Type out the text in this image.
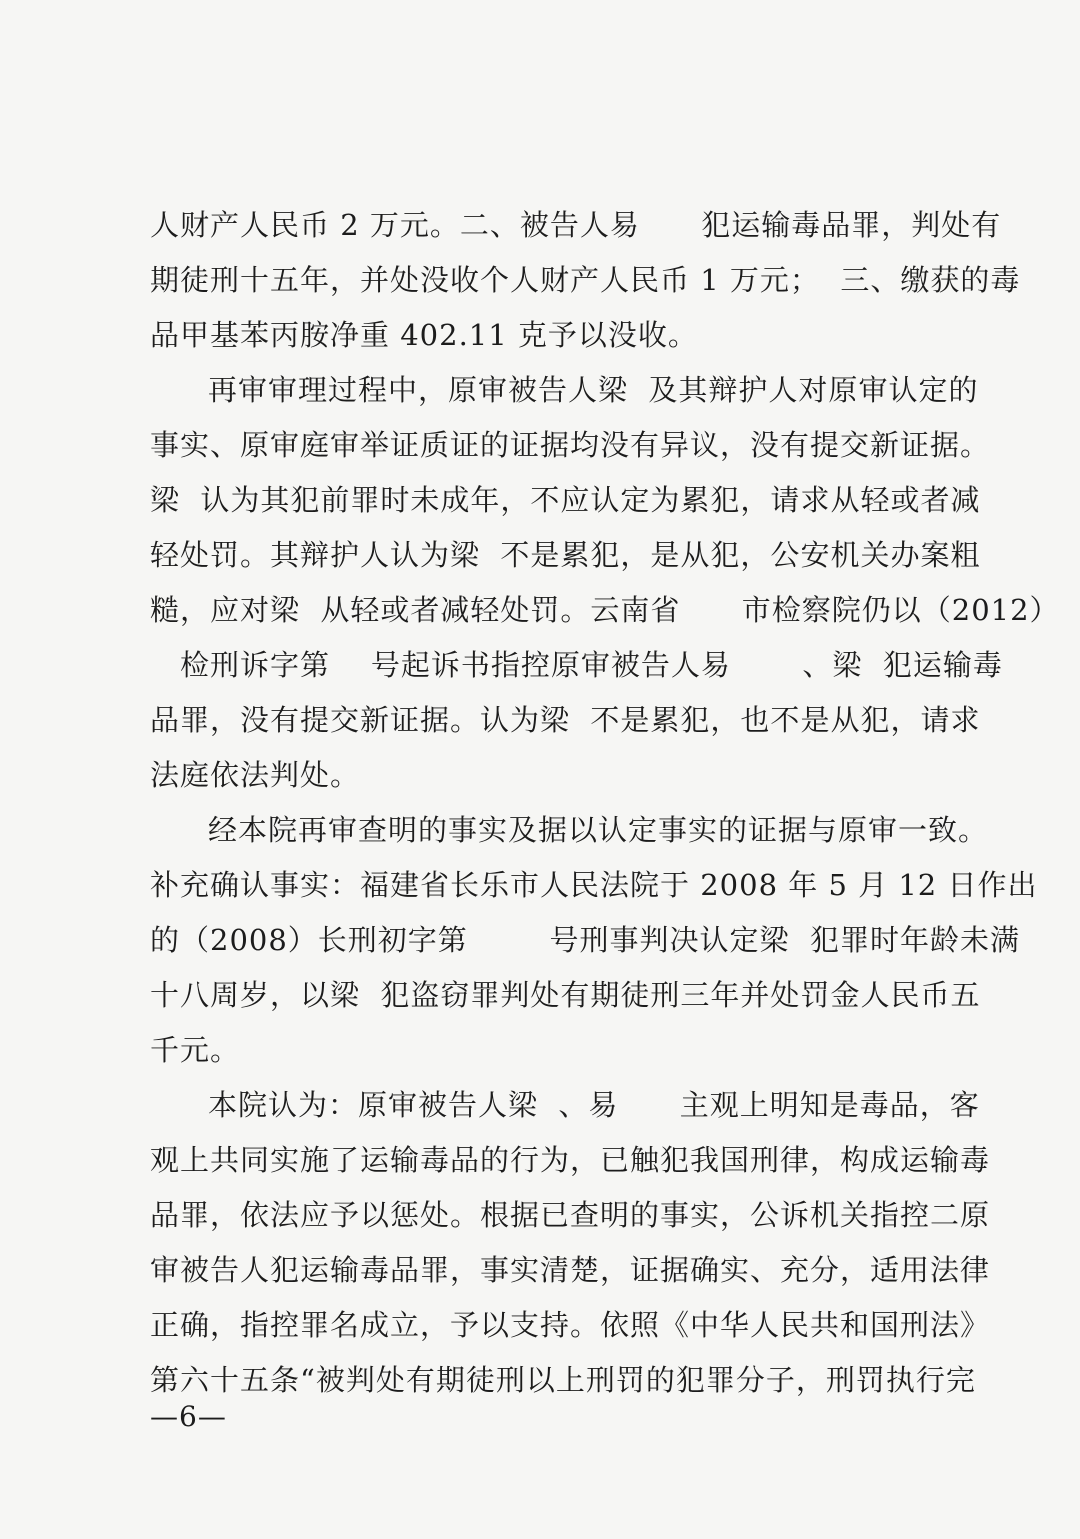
人财产人民币 2 万元。二、被告人易      犯运输毒品罪，判处有
期徒刑十五年，并处没收个人财产人民币 1 万元；  三、缴获的毒
品甲基苯丙胺净重 402.11 克予以没收。
再审审理过程中，原审被告人梁  及其辩护人对原审认定的
事实、原审庭审举证质证的证据均没有异议，没有提交新证据。
梁  认为其犯前罪时未成年，不应认定为累犯，请求从轻或者减
轻处罚。其辩护人认为梁  不是累犯，是从犯，公安机关办案粗
糙，应对梁  从轻或者减轻处罚。云南省      市检察院仍以（2012）
检刑诉字第    号起诉书指控原审被告人易       、梁  犯运输毒
品罪，没有提交新证据。认为梁  不是累犯，也不是从犯，请求
法庭依法判处。
经本院再审查明的事实及据以认定事实的证据与原审一致。
补充确认事实：福建省长乐市人民法院于 2008 年 5 月 12 日作出
的（2008）长刑初字第        号刑事判决认定梁  犯罪时年龄未满
十八周岁，以梁  犯盗窃罪判处有期徒刑三年并处罚金人民币五
千元。
本院认为：原审被告人梁  、易      主观上明知是毒品，客
观上共同实施了运输毒品的行为，已触犯我国刑律，构成运输毒
品罪，依法应予以惩处。根据已查明的事实，公诉机关指控二原
审被告人犯运输毒品罪，事实清楚，证据确实、充分，适用法律
正确，指控罪名成立，予以支持。依照《中华人民共和国刑法》
第六十五条“被判处有期徒刑以上刑罚的犯罪分子，刑罚执行完
—6—
